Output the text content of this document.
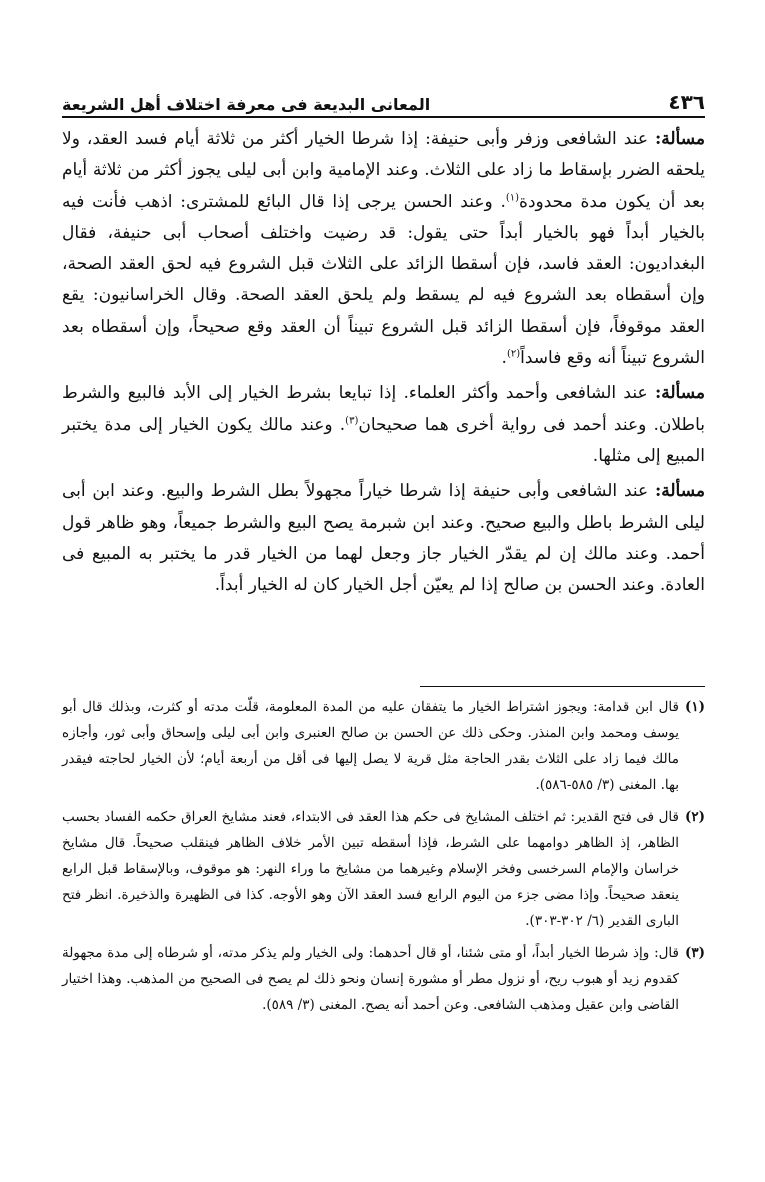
٤٣٦
المعانى البديعة فى معرفة اختلاف أهل الشريعة

مسألة: عند الشافعى وزفر وأبى حنيفة: إذا شرطا الخيار أكثر من ثلاثة أيام فسد العقد، ولا يلحقه الضرر بإسقاط ما زاد على الثلاث. وعند الإمامية وابن أبى ليلى يجوز أكثر من ثلاثة أيام بعد أن يكون مدة محدودة$^{(١)}$. وعند الحسن يرجى إذا قال البائع للمشترى: اذهب فأنت فيه بالخيار أبداً فهو بالخيار أبداً حتى يقول: قد رضيت واختلف أصحاب أبى حنيفة، فقال البغداديون: العقد فاسد، فإن أسقطا الزائد على الثلاث قبل الشروع فيه لحق العقد الصحة، وإن أسقطاه بعد الشروع فيه لم يسقط ولم يلحق العقد الصحة. وقال الخراسانيون: يقع العقد موقوفاً، فإن أسقطا الزائد قبل الشروع تبيناً أن العقد وقع صحيحاً، وإن أسقطاه بعد الشروع تبيناً أنه وقع فاسداً$^{(٢)}$.

مسألة: عند الشافعى وأحمد وأكثر العلماء. إذا تبايعا بشرط الخيار إلى الأبد فالبيع والشرط باطلان. وعند أحمد فى رواية أخرى هما صحيحان$^{(٣)}$. وعند مالك يكون الخيار إلى مدة يختبر المبيع إلى مثلها.

مسألة: عند الشافعى وأبى حنيفة إذا شرطا خياراً مجهولاً بطل الشرط والبيع. وعند ابن أبى ليلى الشرط باطل والبيع صحيح. وعند ابن شبرمة يصح البيع والشرط جميعاً، وهو ظاهر قول أحمد. وعند مالك إن لم يقدّر الخيار جاز وجعل لهما من الخيار قدر ما يختبر به المبيع فى العادة. وعند الحسن بن صالح إذا لم يعيّن أجل الخيار كان له الخيار أبداً.

(١)
قال ابن قدامة: ويجوز اشتراط الخيار ما يتفقان عليه من المدة المعلومة، قلّت مدته أو كثرت، وبذلك قال أبو يوسف ومحمد وابن المنذر. وحكى ذلك عن الحسن بن صالح العنبرى وابن أبى ليلى وإسحاق وأبى ثور، وأجازه مالك فيما زاد على الثلاث بقدر الحاجة مثل قرية لا يصل إليها فى أقل من أربعة أيام؛ لأن الخيار لحاجته فيقدر بها. المغنى (٣/ ٥٨٥-٥٨٦).
(٢)
قال فى فتح القدير: ثم اختلف المشايخ فى حكم هذا العقد فى الابتداء، فعند مشايخ العراق حكمه الفساد بحسب الظاهر، إذ الظاهر دوامهما على الشرط، فإذا أسقطه تبين الأمر خلاف الظاهر فينقلب صحيحاً. قال مشايخ خراسان والإمام السرخسى وفخر الإسلام وغيرهما من مشايخ ما وراء النهر: هو موقوف، وبالإسقاط قبل الرابع ينعقد صحيحاً. وإذا مضى جزء من اليوم الرابع فسد العقد الآن وهو الأوجه. كذا فى الظهيرة والذخيرة. انظر فتح البارى القدير (٦/ ٣٠٢-٣٠٣).
(٣)
قال: وإذ شرطا الخيار أبداً، أو متى شئنا، أو قال أحدهما: ولى الخيار ولم يذكر مدته، أو شرطاه إلى مدة مجهولة كقدوم زيد أو هبوب ريح، أو نزول مطر أو مشورة إنسان ونحو ذلك لم يصح فى الصحيح من المذهب. وهذا اختيار القاضى وابن عقيل ومذهب الشافعى. وعن أحمد أنه يصح. المغنى (٣/ ٥٨٩).
